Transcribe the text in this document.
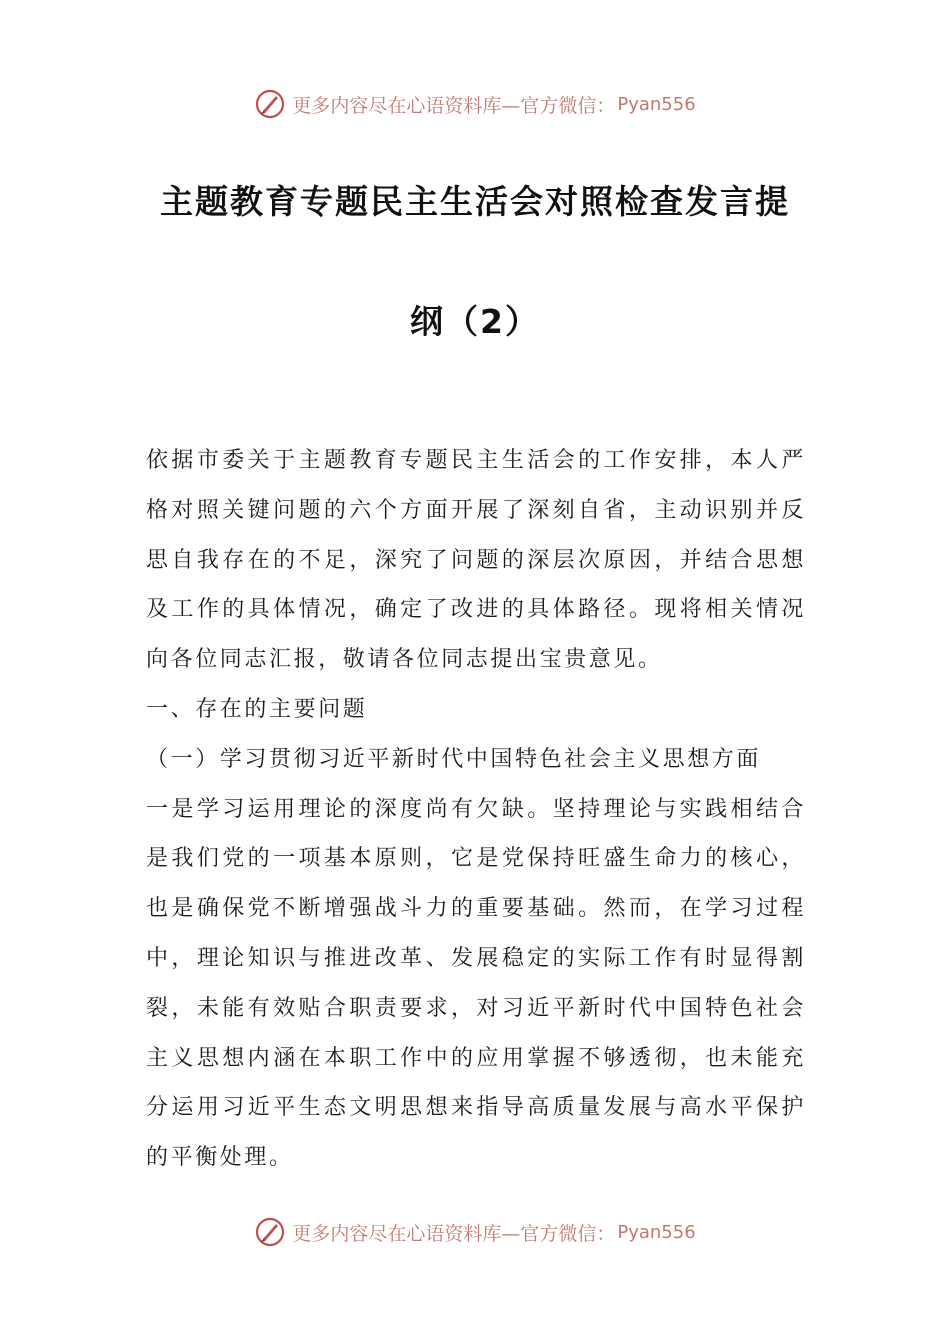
更多内容尽在心语资料库—官方微信： Pyan556
主题教育专题民主生活会对照检查发言提
纲（2）

依据市委关于主题教育专题民主生活会的工作安排，本人严格对照关键问题的六个方面开展了深刻自省，主动识别并反思自我存在的不足，深究了问题的深层次原因，并结合思想及工作的具体情况，确定了改进的具体路径。现将相关情况向各位同志汇报，敬请各位同志提出宝贵意见。

一、存在的主要问题

（一）学习贯彻习近平新时代中国特色社会主义思想方面

一是学习运用理论的深度尚有欠缺。坚持理论与实践相结合是我们党的一项基本原则，它是党保持旺盛生命力的核心，也是确保党不断增强战斗力的重要基础。然而，在学习过程中，理论知识与推进改革、发展稳定的实际工作有时显得割裂，未能有效贴合职责要求，对习近平新时代中国特色社会主义思想内涵在本职工作中的应用掌握不够透彻，也未能充分运用习近平生态文明思想来指导高质量发展与高水平保护的平衡处理。

更多内容尽在心语资料库—官方微信： Pyan556
